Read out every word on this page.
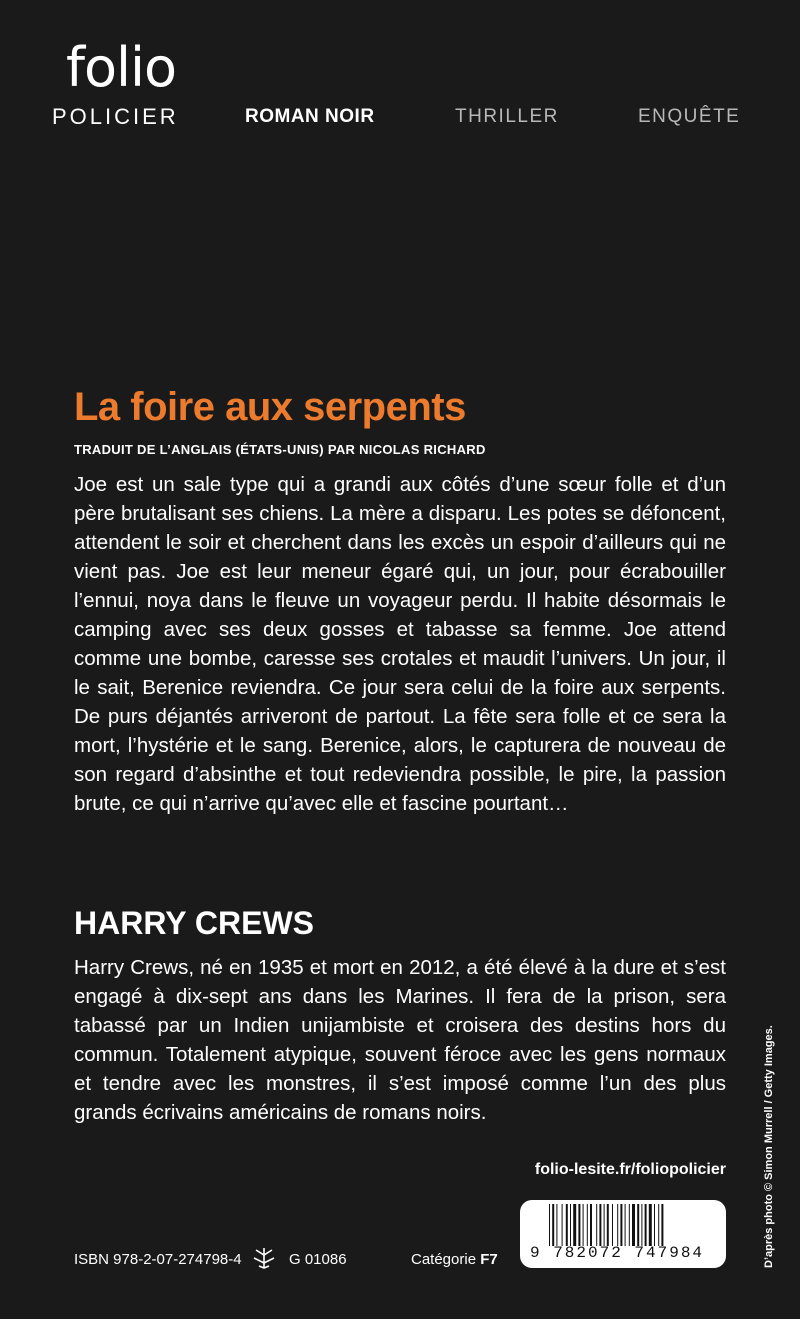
folio
POLICIER	ROMAN NOIR	THRILLER	ENQUÊTE
La foire aux serpents
TRADUIT DE L’ANGLAIS (ÉTATS-UNIS) PAR NICOLAS RICHARD

Joe est un sale type qui a grandi aux côtés d’une sœur folle et d’un père brutalisant ses chiens. La mère a disparu. Les potes se défoncent, attendent le soir et cherchent dans les excès un espoir d’ailleurs qui ne vient pas. Joe est leur meneur égaré qui, un jour, pour écrabouiller l’ennui, noya dans le fleuve un voyageur perdu. Il habite désormais le camping avec ses deux gosses et tabasse sa femme. Joe attend comme une bombe, caresse ses crotales et maudit l’univers. Un jour, il le sait, Berenice reviendra. Ce jour sera celui de la foire aux serpents. De purs déjantés arriveront de partout. La fête sera folle et ce sera la mort, l’hystérie et le sang. Berenice, alors, le capturera de nouveau de son regard d’absinthe et tout redeviendra possible, le pire, la passion brute, ce qui n’arrive qu’avec elle et fascine pourtant…

HARRY CREWS

Harry Crews, né en 1935 et mort en 2012, a été élevé à la dure et s’est engagé à dix-sept ans dans les Marines. Il fera de la prison, sera tabassé par un Indien unijambiste et croisera des destins hors du commun. Totalement atypique, souvent féroce avec les gens normaux et tendre avec les monstres, il s’est imposé comme l’un des plus grands écrivains américains de romans noirs.

folio-lesite.fr/foliopolicier
9 782072 747984
ISBN 978-2-07-274798-4	G 01086	Catégorie F7	D’après photo © Simon Murrell / Getty Images.
